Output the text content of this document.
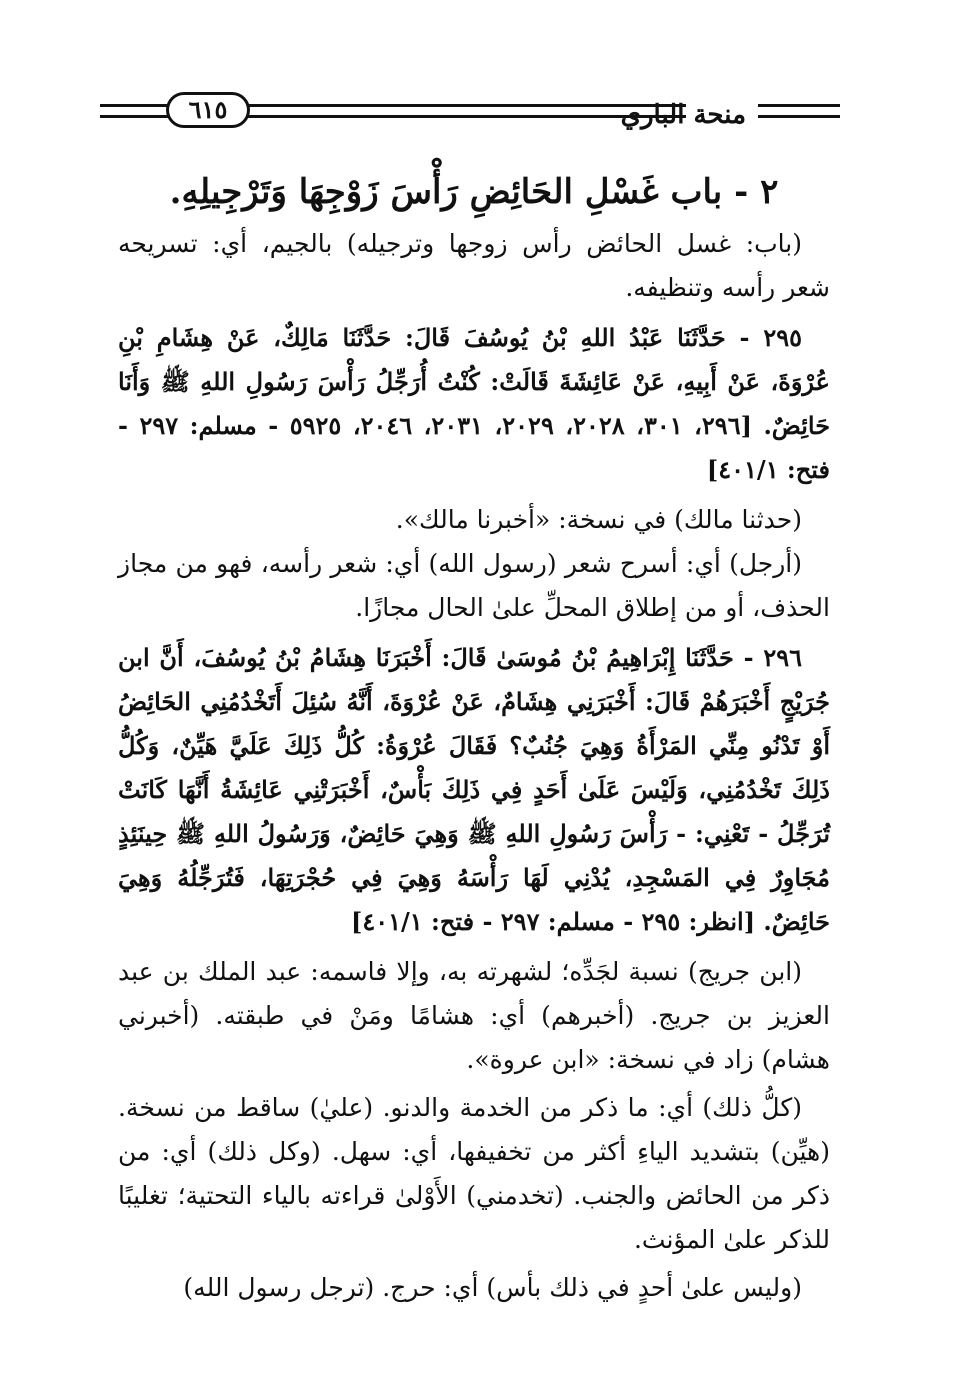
منحة الباري
٦١٥
٢ - باب غَسْلِ الحَائِضِ رَأْسَ زَوْجِهَا وَتَرْجِيلِهِ.

(باب: غسل الحائض رأس زوجها وترجيله) بالجيم، أي: تسريحه شعر رأسه وتنظيفه.

٢٩٥ - حَدَّثَنَا عَبْدُ اللهِ بْنُ يُوسُفَ قَالَ: حَدَّثَنَا مَالِكٌ، عَنْ هِشَامِ بْنِ عُرْوَةَ، عَنْ أَبِيهِ، عَنْ عَائِشَةَ قَالَتْ: كُنْتُ أُرَجِّلُ رَأْسَ رَسُولِ اللهِ ﷺ وَأَنَا حَائِضٌ. [٢٩٦، ٣٠١، ٢٠٢٨، ٢٠٢٩، ٢٠٣١، ٢٠٤٦، ٥٩٢٥ - مسلم: ٢٩٧ - فتح: ٤٠١/١]

(حدثنا مالك) في نسخة: «أخبرنا مالك».

(أرجل) أي: أسرح شعر (رسول الله) أي: شعر رأسه، فهو من مجاز الحذف، أو من إطلاق المحلِّ علىٰ الحال مجازًا.

٢٩٦ - حَدَّثَنَا إِبْرَاهِيمُ بْنُ مُوسَىٰ قَالَ: أَخْبَرَنَا هِشَامُ بْنُ يُوسُفَ، أَنَّ ابن جُرَيْجٍ أَخْبَرَهُمْ قَالَ: أَخْبَرَنِي هِشَامٌ، عَنْ عُرْوَةَ، أَنَّهُ سُئِلَ أَتَخْدُمُنِي الحَائِضُ أَوْ تَدْنُو مِنِّي المَرْأَةُ وَهِيَ جُنُبٌ؟ فَقَالَ عُرْوَةُ: كُلُّ ذَلِكَ عَلَيَّ هَيِّنٌ، وَكُلُّ ذَلِكَ تَخْدُمُنِي، وَلَيْسَ عَلَىٰ أَحَدٍ فِي ذَلِكَ بَأْسٌ، أَخْبَرَتْنِي عَائِشَةُ أَنَّهَا كَانَتْ تُرَجِّلُ - تَعْنِي: - رَأْسَ رَسُولِ اللهِ ﷺ وَهِيَ حَائِضٌ، وَرَسُولُ اللهِ ﷺ حِينَئِذٍ مُجَاوِرٌ فِي المَسْجِدِ، يُدْنِي لَهَا رَأْسَهُ وَهِيَ فِي حُجْرَتِهَا، فَتُرَجِّلُهُ وَهِيَ حَائِضٌ. [انظر: ٢٩٥ - مسلم: ٢٩٧ - فتح: ٤٠١/١]

(ابن جريج) نسبة لجَدِّه؛ لشهرته به، وإلا فاسمه: عبد الملك بن عبد العزيز بن جريج. (أخبرهم) أي: هشامًا ومَنْ في طبقته. (أخبرني هشام) زاد في نسخة: «ابن عروة».

(كلُّ ذلك) أي: ما ذكر من الخدمة والدنو. (عليٰ) ساقط من نسخة. (هيِّن) بتشديد الياءِ أكثر من تخفيفها، أي: سهل. (وكل ذلك) أي: من ذكر من الحائض والجنب. (تخدمني) الأَوْلىٰ قراءته بالياء التحتية؛ تغليبًا للذكر علىٰ المؤنث.

(وليس علىٰ أحدٍ في ذلك بأس) أي: حرج. (ترجل رسول الله)
